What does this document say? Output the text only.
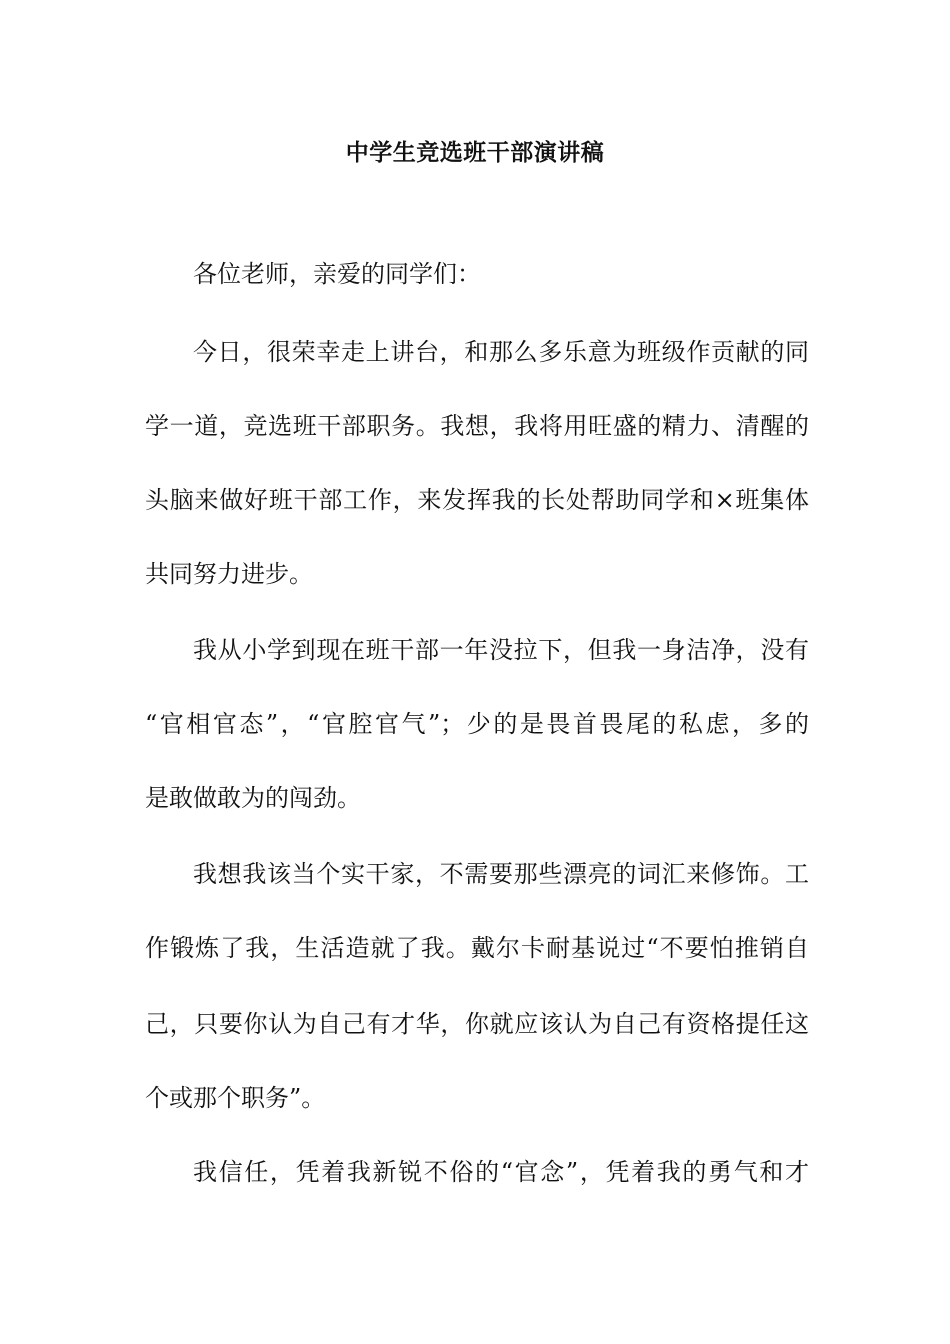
中学生竞选班干部演讲稿
各位老师，亲爱的同学们：
今日，很荣幸走上讲台，和那么多乐意为班级作贡献的同
学一道，竞选班干部职务。我想，我将用旺盛的精力、清醒的
头脑来做好班干部工作，来发挥我的长处帮助同学和×班集体
共同努力进步。
我从小学到现在班干部一年没拉下，但我一身洁净，没有
“官相官态”，“官腔官气”；少的是畏首畏尾的私虑，多的
是敢做敢为的闯劲。
我想我该当个实干家，不需要那些漂亮的词汇来修饰。工
作锻炼了我，生活造就了我。戴尔卡耐基说过“不要怕推销自
己，只要你认为自己有才华，你就应该认为自己有资格提任这
个或那个职务”。
我信任，凭着我新锐不俗的“官念”，凭着我的勇气和才
